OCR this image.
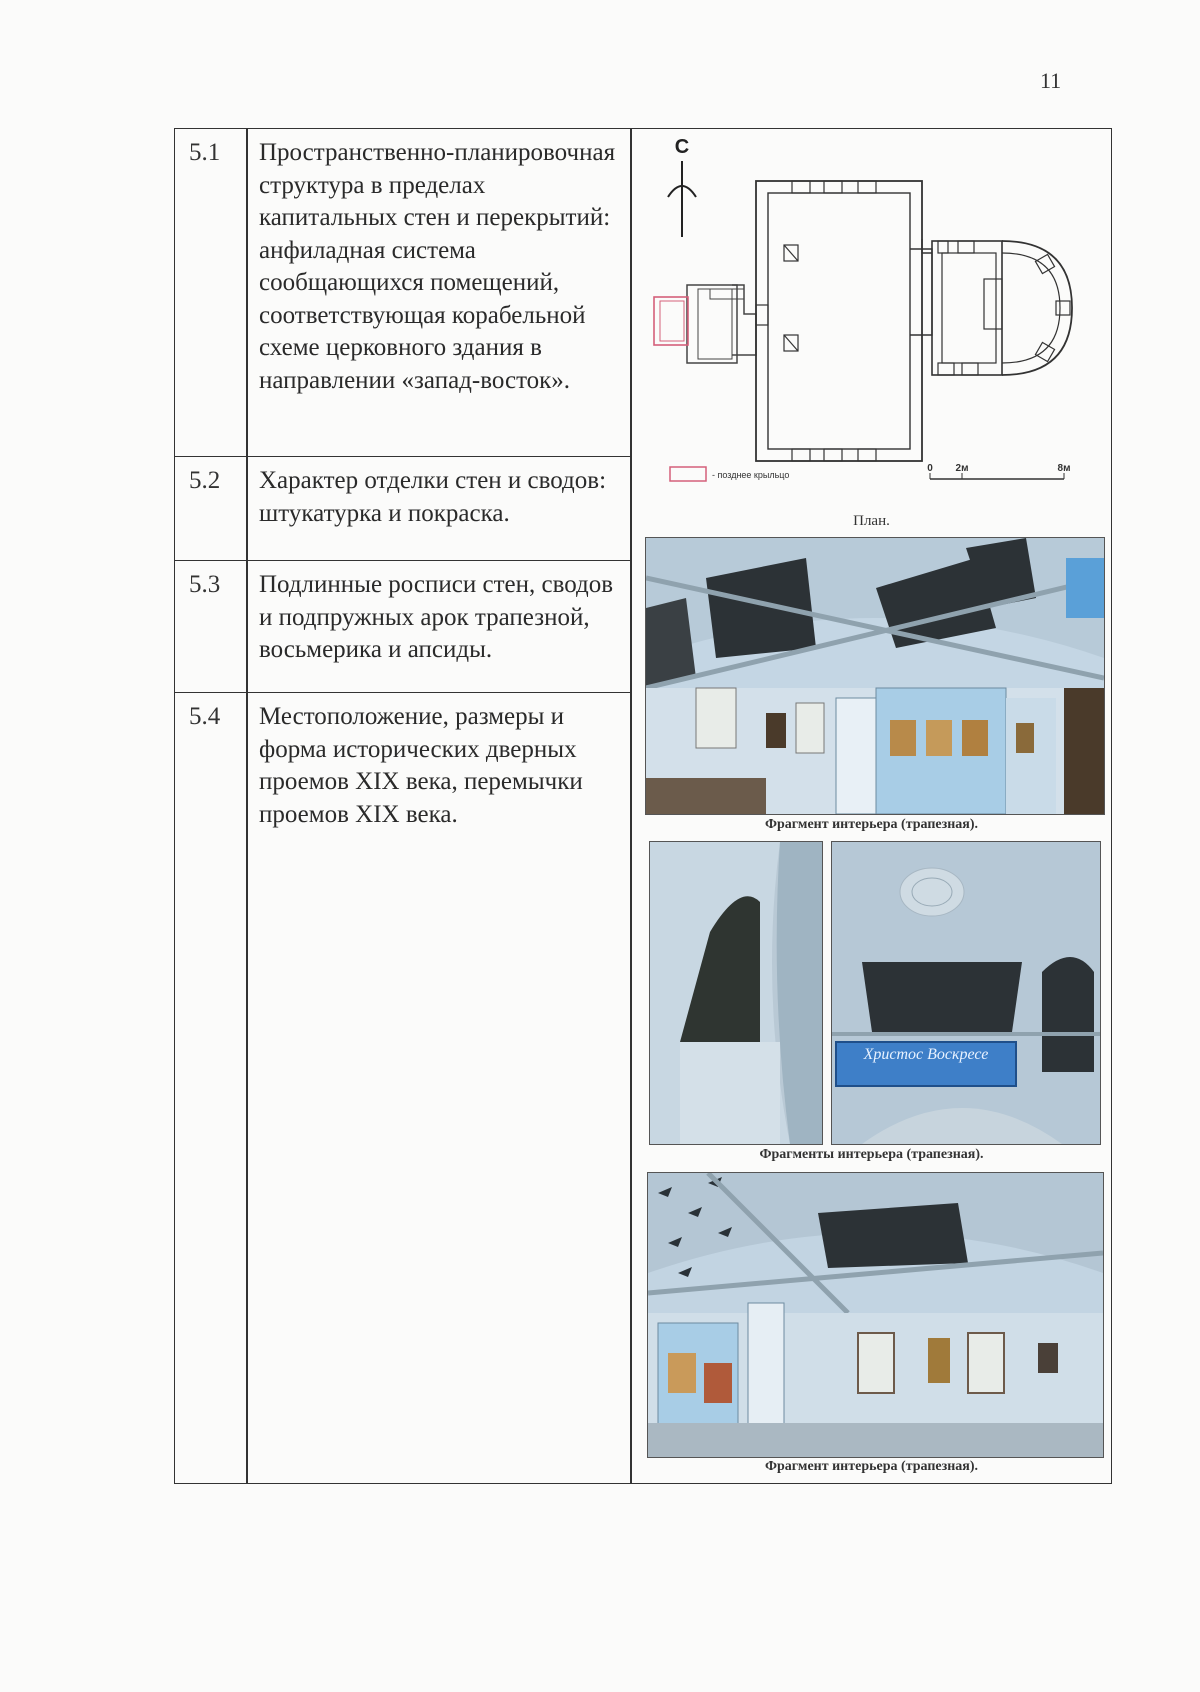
11
5.1 Пространственно-планировочная структура в пределах капитальных стен и перекрытий: анфиладная система сообщающихся помещений, соответствующая корабельной схеме церковного здания в направлении «запад-восток».
5.2 Характер отделки стен и сводов: штукатурка и покраска.
5.3 Подлинные росписи стен, сводов и подпружных арок трапезной, восьмерика и апсиды.
5.4 Местоположение, размеры и форма исторических дверных проемов XIX века, перемычки проемов XIX века.
С
- позднее крыльцо
0 2м	8м
План.
Фрагмент интерьера (трапезная).
Христос Воскресе
Фрагменты интерьера (трапезная).
Фрагмент интерьера (трапезная).
